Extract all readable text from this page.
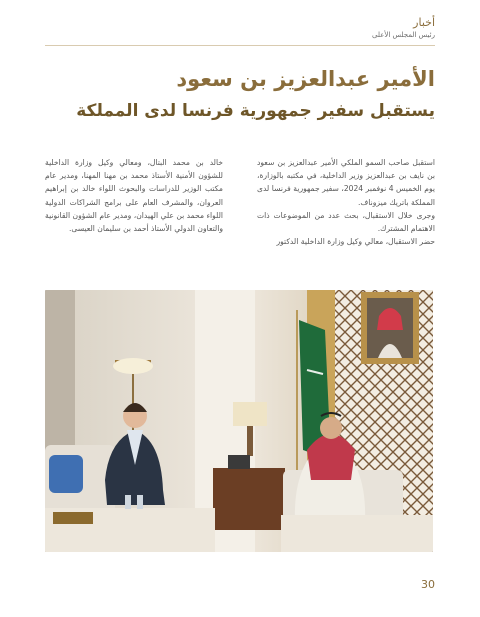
أخبار
رئيس المجلس الأعلى
الأمير عبدالعزيز بن سعود
يستقبل سفير جمهورية فرنسا لدى المملكة

استقبل صاحب السمو الملكي الأمير عبدالعزيز بن سعود بن نايف بن عبدالعزيز وزير الداخلية، في مكتبه بالوزارة، يوم الخميس 4 نوفمبر 2024، سفير جمهورية فرنسا لدى المملكة باتريك ميزوناف.

وجرى خلال الاستقبال، بحث عدد من الموضوعات ذات الاهتمام المشترك.

حضر الاستقبال، معالي وكيل وزارة الداخلية الدكتور

خالد بن محمد البتال، ومعالي وكيل وزارة الداخلية للشؤون الأمنية الأستاذ محمد بن مهنا المهنا، ومدير عام مكتب الوزير للدراسات والبحوث اللواء خالد بن إبراهيم العروان، والمشرف العام على برامج الشراكات الدولية اللواء محمد بن علي الهيدان، ومدير عام الشؤون القانونية والتعاون الدولي الأستاذ أحمد بن سليمان العيسى.

30
